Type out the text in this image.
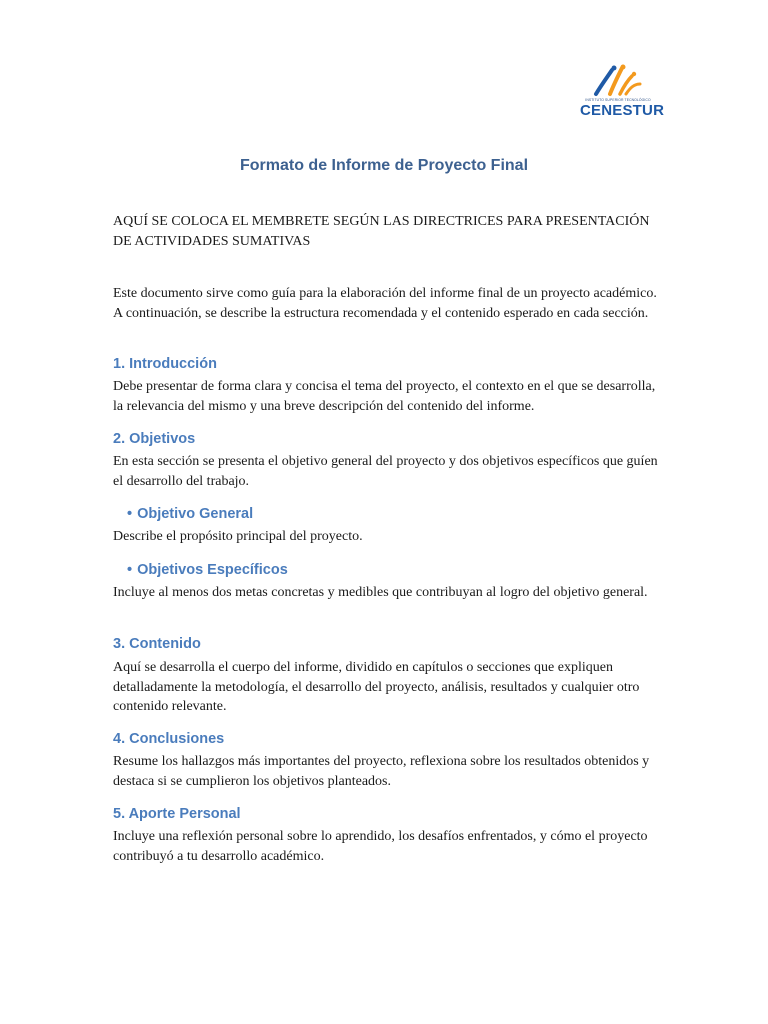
INSTITUTO SUPERIOR TECNOLÓGICO
CENESTUR
Formato de Informe de Proyecto Final
AQUÍ SE COLOCA EL MEMBRETE SEGÚN LAS DIRECTRICES PARA PRESENTACIÓN DE ACTIVIDADES SUMATIVAS
Este documento sirve como guía para la elaboración del informe final de un proyecto académico. A continuación, se describe la estructura recomendada y el contenido esperado en cada sección.
1. Introducción
Debe presentar de forma clara y concisa el tema del proyecto, el contexto en el que se desarrolla, la relevancia del mismo y una breve descripción del contenido del informe.
2. Objetivos
En esta sección se presenta el objetivo general del proyecto y dos objetivos específicos que guíen el desarrollo del trabajo.
• Objetivo General
Describe el propósito principal del proyecto.
• Objetivos Específicos
Incluye al menos dos metas concretas y medibles que contribuyan al logro del objetivo general.
3. Contenido
Aquí se desarrolla el cuerpo del informe, dividido en capítulos o secciones que expliquen detalladamente la metodología, el desarrollo del proyecto, análisis, resultados y cualquier otro contenido relevante.
4. Conclusiones
Resume los hallazgos más importantes del proyecto, reflexiona sobre los resultados obtenidos y destaca si se cumplieron los objetivos planteados.
5. Aporte Personal
Incluye una reflexión personal sobre lo aprendido, los desafíos enfrentados, y cómo el proyecto contribuyó a tu desarrollo académico.
